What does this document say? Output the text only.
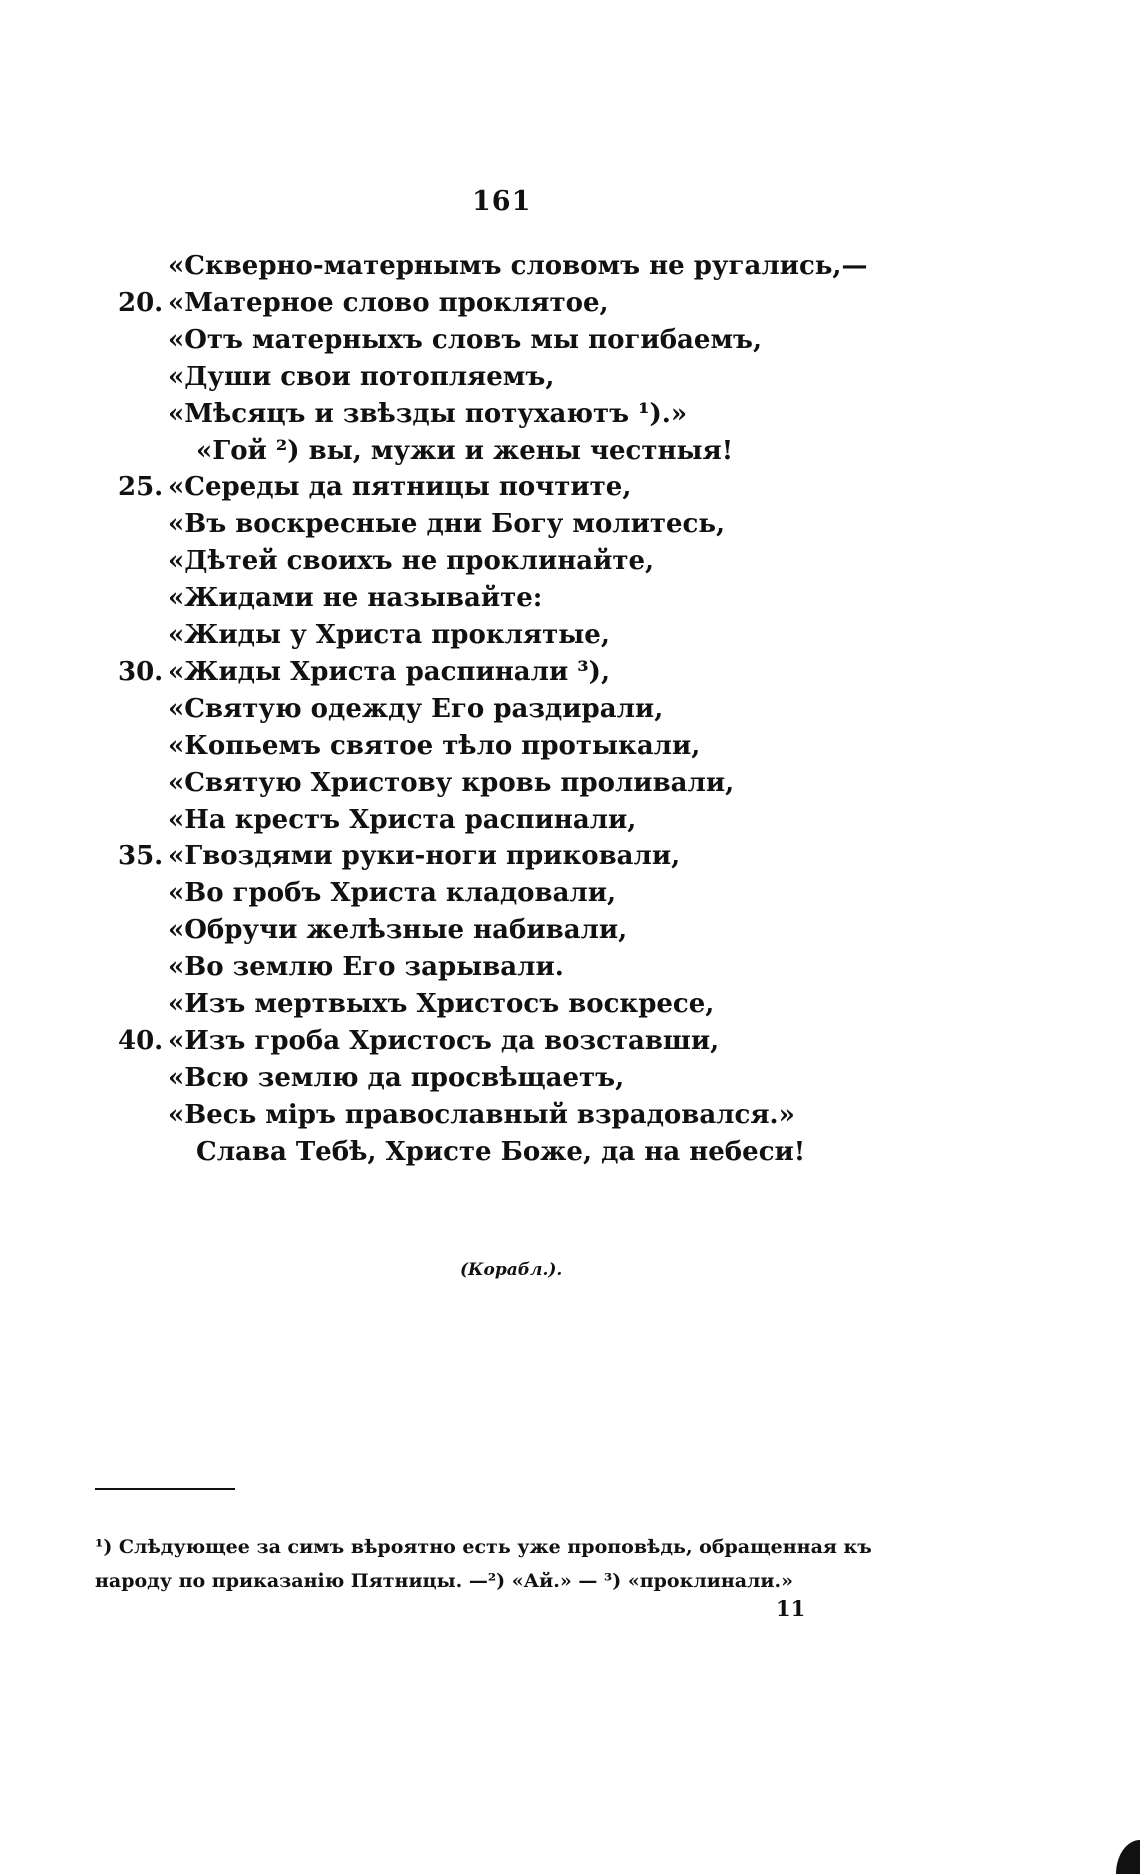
161
«Скверно-матернымъ словомъ не ругались,—
20. «Матерное слово проклятое,
«Отъ матерныхъ словъ мы погибаемъ,
«Души свои потопляемъ,
«Мѣсяцъ и звѣзды потухаютъ ¹).»
«Гой ²) вы, мужи и жены честныя!
25. «Середы да пятницы почтите,
«Въ воскресные дни Богу молитесь,
«Дѣтей своихъ не проклинайте,
«Жидами не называйте:
«Жиды у Христа проклятые,
30. «Жиды Христа распинали ³),
«Святую одежду Его раздирали,
«Копьемъ святое тѣло протыкали,
«Святую Христову кровь проливали,
«На крестъ Христа распинали,
35. «Гвоздями руки-ноги приковали,
«Во гробъ Христа кладовали,
«Обручи желѣзные набивали,
«Во землю Его зарывали.
«Изъ мертвыхъ Христосъ воскресе,
40. «Изъ гроба Христосъ да возставши,
«Всю землю да просвѣщаетъ,
«Весь міръ православный взрадовался.»
Слава Тебѣ, Христе Боже, да на небеси!
(Корабл.).
¹) Слѣдующее за симъ вѣроятно есть уже проповѣдь, обращенная къ
народу по приказанію Пятницы. —²) «Ай.» — ³) «проклинали.»
11
